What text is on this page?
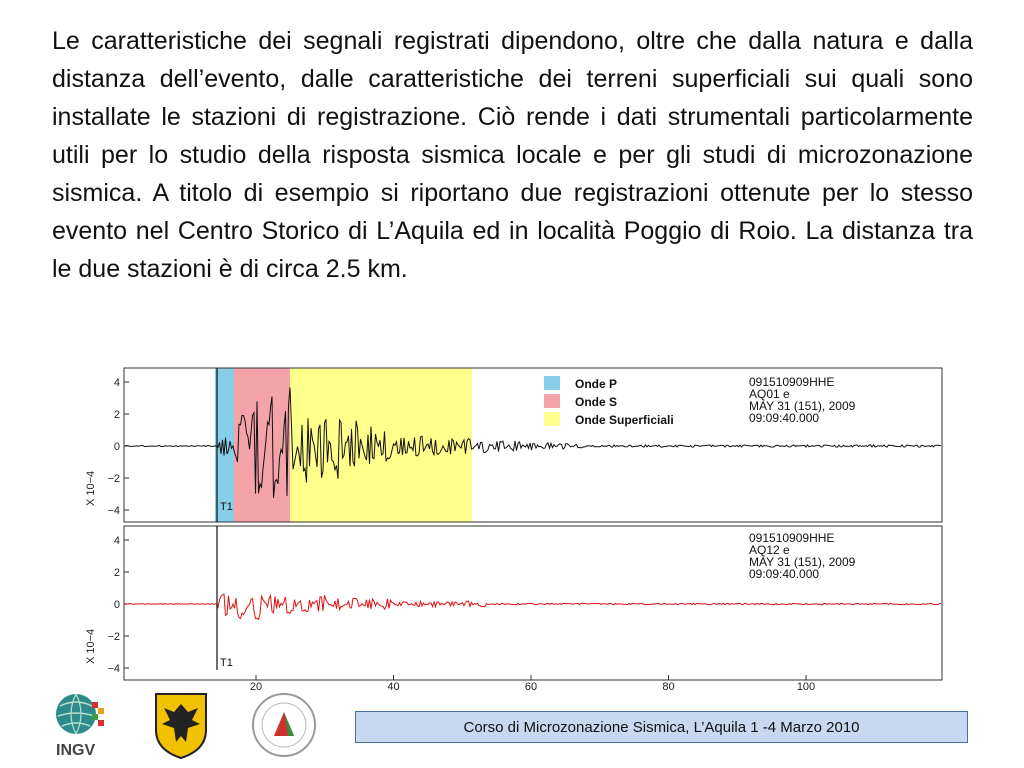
Le caratteristiche dei segnali registrati dipendono, oltre che dalla natura e dalla distanza dell’evento, dalle caratteristiche dei terreni superficiali sui quali sono installate le stazioni di registrazione. Ciò rende i dati strumentali particolarmente utili per lo studio della risposta sismica locale e per gli studi di microzonazione sismica. A titolo di esempio si riportano due registrazioni ottenute per lo stesso evento nel Centro Storico di L’Aquila ed in località Poggio di Roio. La distanza tra le due stazioni è di circa 2.5 km.

4
2
0
−2
−4
4
2
0
−2
−4
20	40	60	80	100
X 10−4
X 10−4
T1
T1
Onde P
Onde S
Onde Superficiali
091510909HHE
AQ01 e
MAY 31 (151), 2009
09:09:40.000
091510909HHE
AQ12 e
MAY 31 (151), 2009
09:09:40.000
INGV
Corso di Microzonazione Sismica, L’Aquila 1 -4 Marzo 2010
